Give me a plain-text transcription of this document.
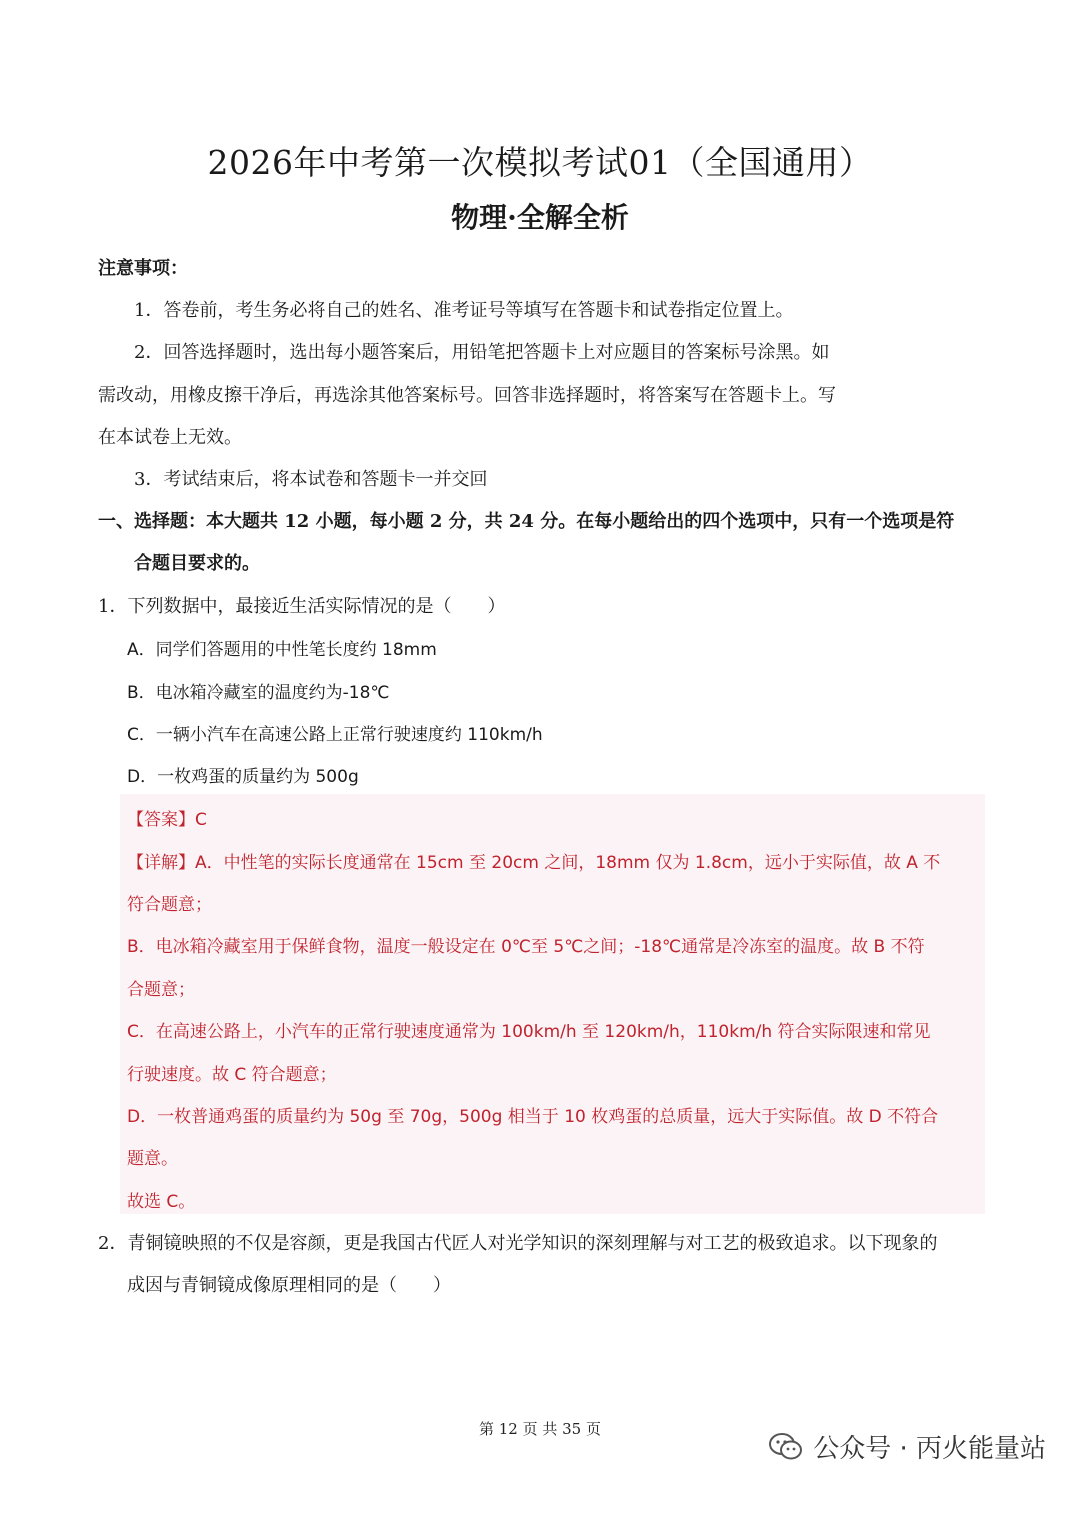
2026年中考第一次模拟考试01（全国通用）
物理·全解全析
注意事项：
1．答卷前，考生务必将自己的姓名、准考证号等填写在答题卡和试卷指定位置上。
2．回答选择题时，选出每小题答案后，用铅笔把答题卡上对应题目的答案标号涂黑。如
需改动，用橡皮擦干净后，再选涂其他答案标号。回答非选择题时，将答案写在答题卡上。写
在本试卷上无效。
3．考试结束后，将本试卷和答题卡一并交回
一、选择题：本大题共 12 小题，每小题 2 分，共 24 分。在每小题给出的四个选项中，只有一个选项是符
合题目要求的。
1．下列数据中，最接近生活实际情况的是（　　）
A．同学们答题用的中性笔长度约 18mm
B．电冰箱冷藏室的温度约为-18℃
C．一辆小汽车在高速公路上正常行驶速度约 110km/h
D．一枚鸡蛋的质量约为 500g
【答案】C
【详解】A．中性笔的实际长度通常在 15cm 至 20cm 之间，18mm 仅为 1.8cm，远小于实际值，故 A 不
符合题意；
B．电冰箱冷藏室用于保鲜食物，温度一般设定在 0℃至 5℃之间；-18℃通常是冷冻室的温度。故 B 不符
合题意；
C．在高速公路上，小汽车的正常行驶速度通常为 100km/h 至 120km/h，110km/h 符合实际限速和常见
行驶速度。故 C 符合题意；
D．一枚普通鸡蛋的质量约为 50g 至 70g，500g 相当于 10 枚鸡蛋的总质量，远大于实际值。故 D 不符合
题意。
故选 C。
2．青铜镜映照的不仅是容颜，更是我国古代匠人对光学知识的深刻理解与对工艺的极致追求。以下现象的
成因与青铜镜成像原理相同的是（　　）
第 12 页 共 35 页
公众号 · 丙火能量站
